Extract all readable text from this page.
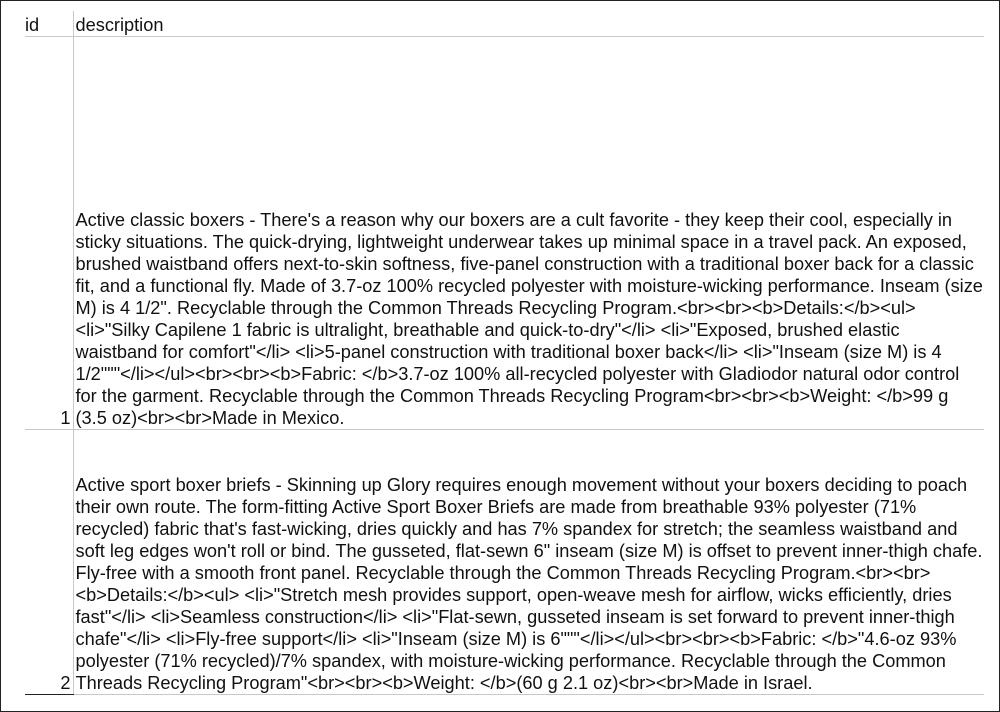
id	description
1	Active classic boxers - There's a reason why our boxers are a cult favorite - they keep their cool, especially in sticky situations. The quick-drying, lightweight underwear takes up minimal space in a travel pack. An exposed, brushed waistband offers next-to-skin softness, five-panel construction with a traditional boxer back for a classic fit, and a functional fly. Made of 3.7-oz 100% recycled polyester with moisture-wicking performance. Inseam (size M) is 4 1/2". Recyclable through the Common Threads Recycling Program.<br><br><b>Details:</b><ul> <li>"Silky Capilene 1 fabric is ultralight, breathable and quick-to-dry"</li> <li>"Exposed, brushed elastic waistband for comfort"</li> <li>5-panel construction with traditional boxer back</li> <li>"Inseam (size M) is 4 1/2"""</li></ul><br><br><b>Fabric: </b>3.7-oz 100% all-recycled polyester with Gladiodor natural odor control for the garment. Recyclable through the Common Threads Recycling Program<br><br><b>Weight: </b>99 g (3.5 oz)<br><br>Made in Mexico.
2	Active sport boxer briefs - Skinning up Glory requires enough movement without your boxers deciding to poach their own route. The form-fitting Active Sport Boxer Briefs are made from breathable 93% polyester (71% recycled) fabric that's fast-wicking, dries quickly and has 7% spandex for stretch; the seamless waistband and soft leg edges won't roll or bind. The gusseted, flat-sewn 6" inseam (size M) is offset to prevent inner-thigh chafe. Fly-free with a smooth front panel. Recyclable through the Common Threads Recycling Program.<br><br><b>Details:</b><ul> <li>"Stretch mesh provides support, open-weave mesh for airflow, wicks efficiently, dries fast"</li> <li>Seamless construction</li> <li>"Flat-sewn, gusseted inseam is set forward to prevent inner-thigh chafe"</li> <li>Fly-free support</li> <li>"Inseam (size M) is 6"""</li></ul><br><br><b>Fabric: </b>"4.6-oz 93% polyester (71% recycled)/7% spandex, with moisture-wicking performance. Recyclable through the Common Threads Recycling Program"<br><br><b>Weight: </b>(60 g 2.1 oz)<br><br>Made in Israel.
